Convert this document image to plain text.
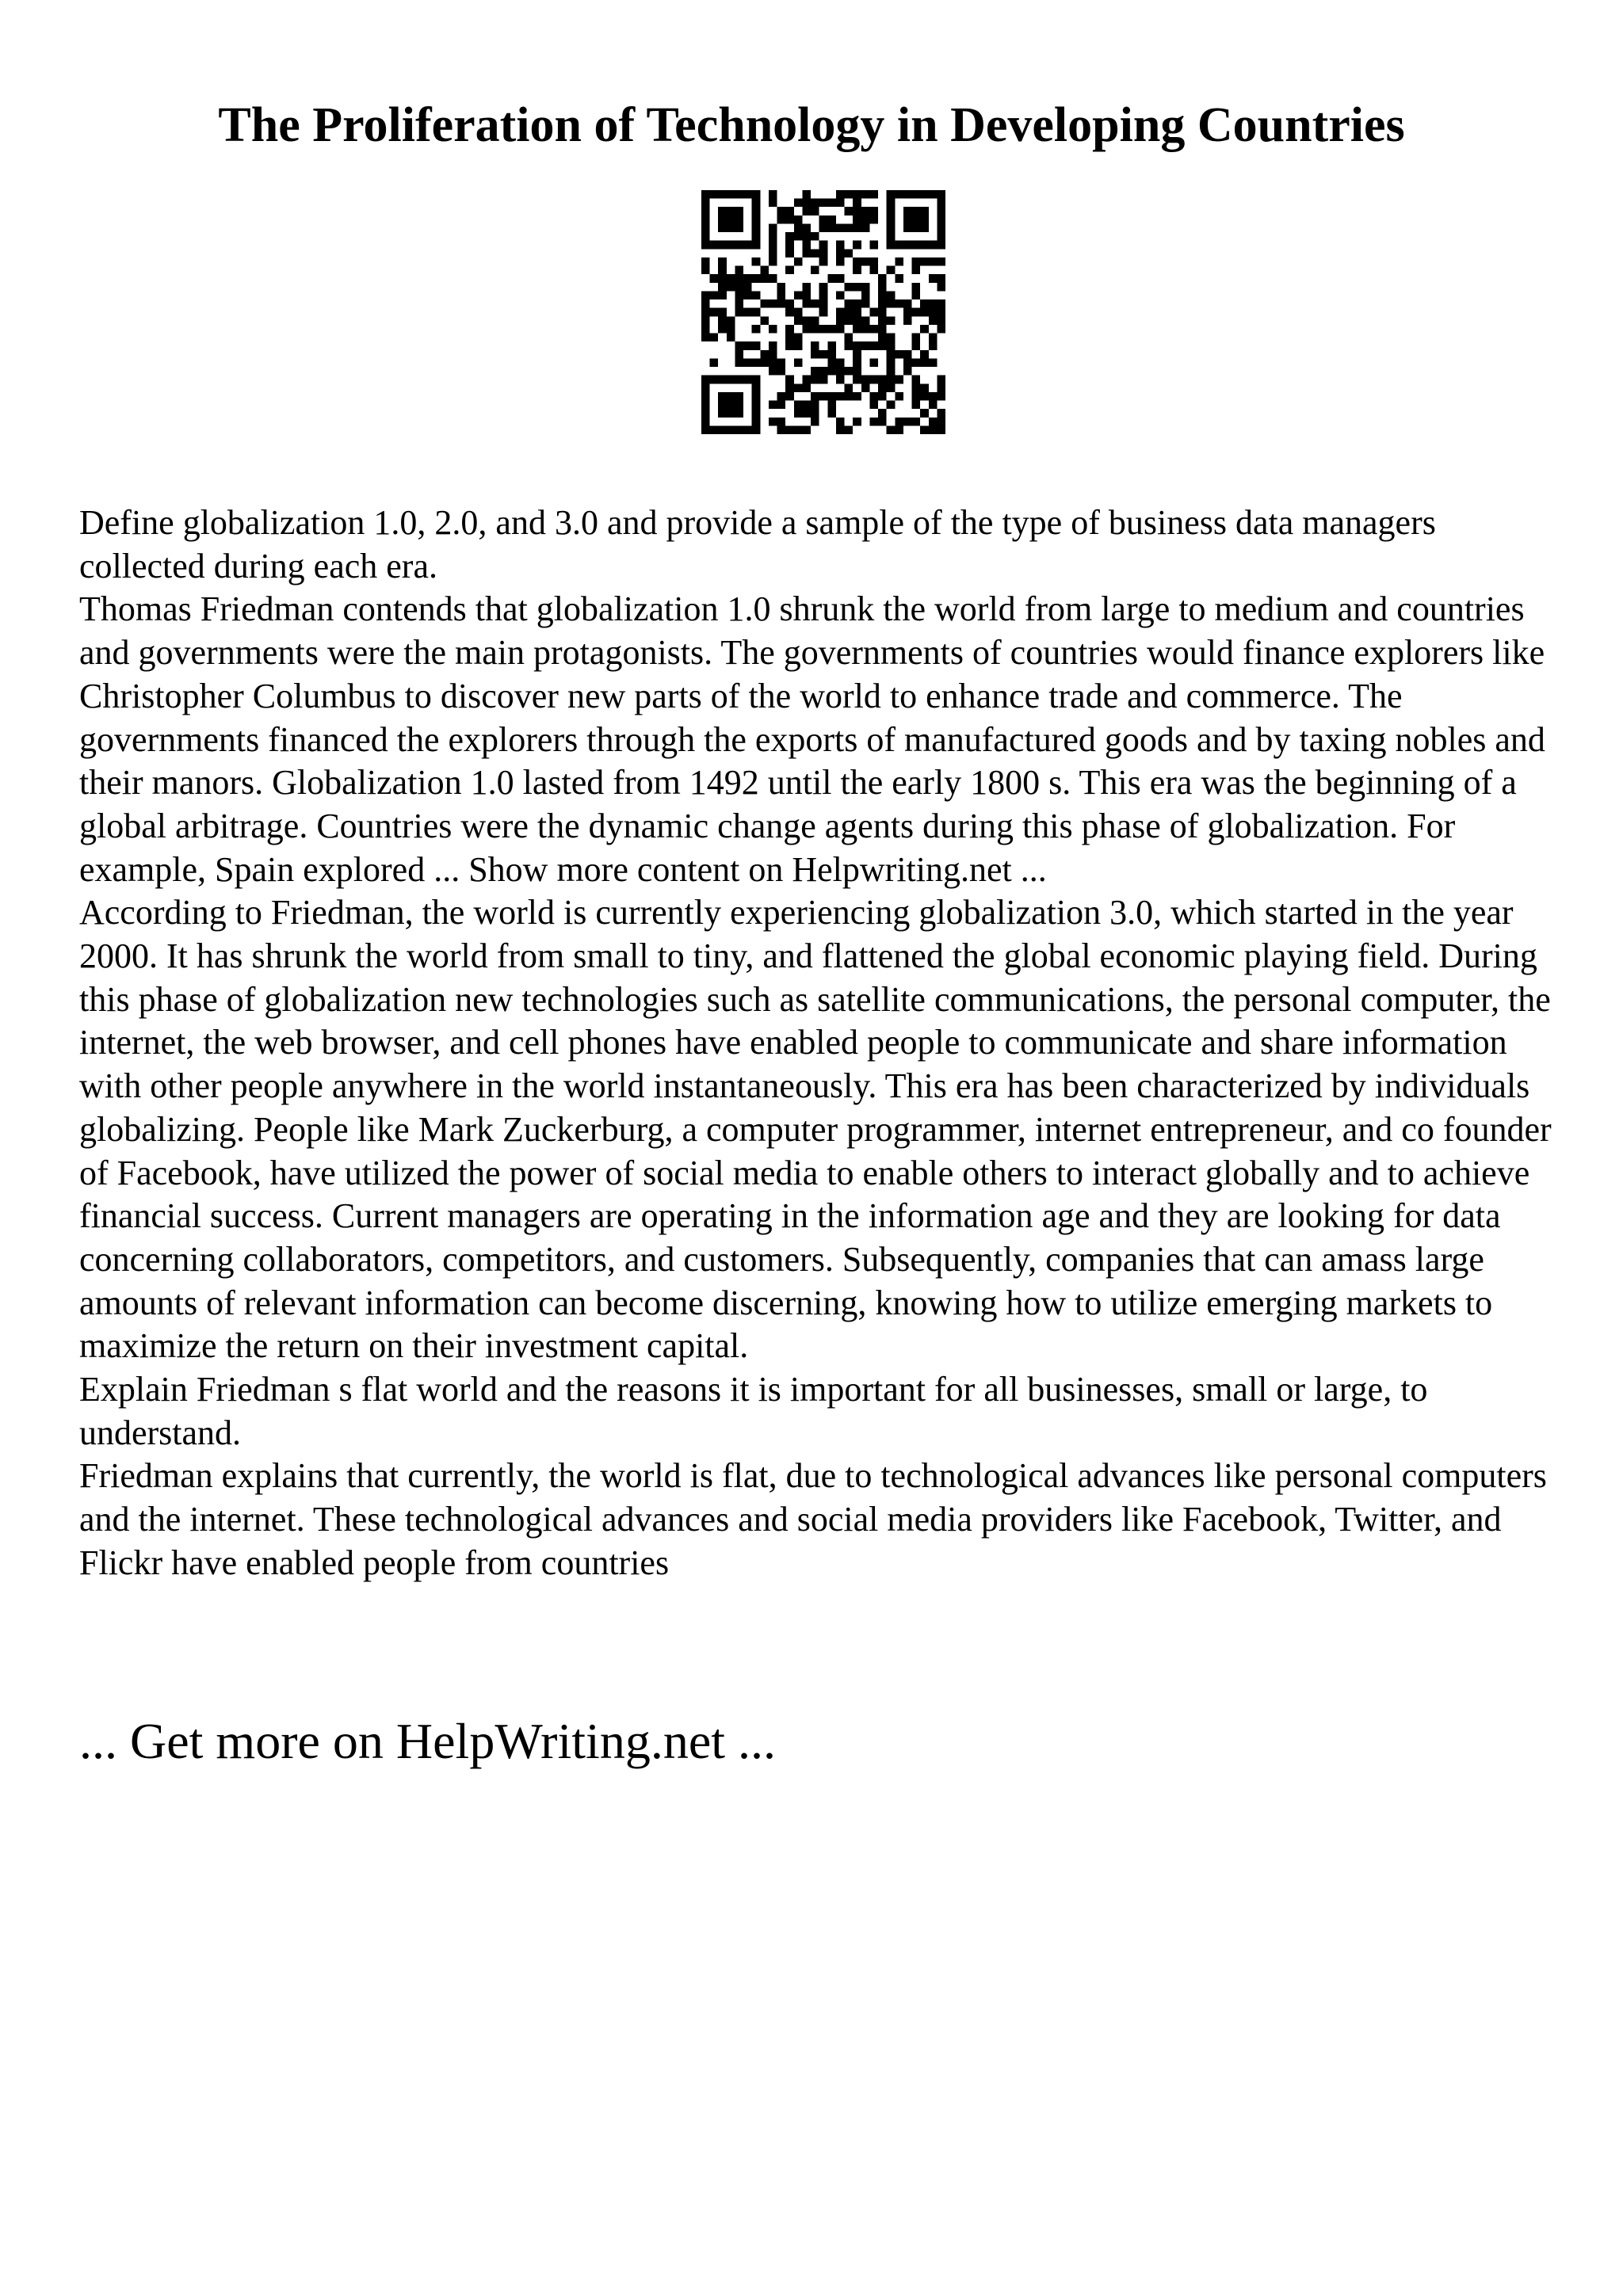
The Proliferation of Technology in Developing Countries

Define globalization 1.0, 2.0, and 3.0 and provide a sample of the type of business data managers collected during each era.

Thomas Friedman contends that globalization 1.0 shrunk the world from large to medium and countries and governments were the main protagonists. The governments of countries would finance explorers like Christopher Columbus to discover new parts of the world to enhance trade and commerce. The governments financed the explorers through the exports of manufactured goods and by taxing nobles and their manors. Globalization 1.0 lasted from 1492 until the early 1800 s. This era was the beginning of a global arbitrage. Countries were the dynamic change agents during this phase of globalization. For example, Spain explored ... Show more content on Helpwriting.net ...

According to Friedman, the world is currently experiencing globalization 3.0, which started in the year 2000. It has shrunk the world from small to tiny, and flattened the global economic playing field. During this phase of globalization new technologies such as satellite communications, the personal computer, the internet, the web browser, and cell phones have enabled people to communicate and share information with other people anywhere in the world instantaneously. This era has been characterized by individuals globalizing. People like Mark Zuckerburg, a computer programmer, internet entrepreneur, and co founder of Facebook, have utilized the power of social media to enable others to interact globally and to achieve financial success. Current managers are operating in the information age and they are looking for data concerning collaborators, competitors, and customers. Subsequently, companies that can amass large amounts of relevant information can become discerning, knowing how to utilize emerging markets to maximize the return on their investment capital.

Explain Friedman s flat world and the reasons it is important for all businesses, small or large, to understand.

Friedman explains that currently, the world is flat, due to technological advances like personal computers and the internet. These technological advances and social media providers like Facebook, Twitter, and Flickr have enabled people from countries

... Get more on HelpWriting.net ...
